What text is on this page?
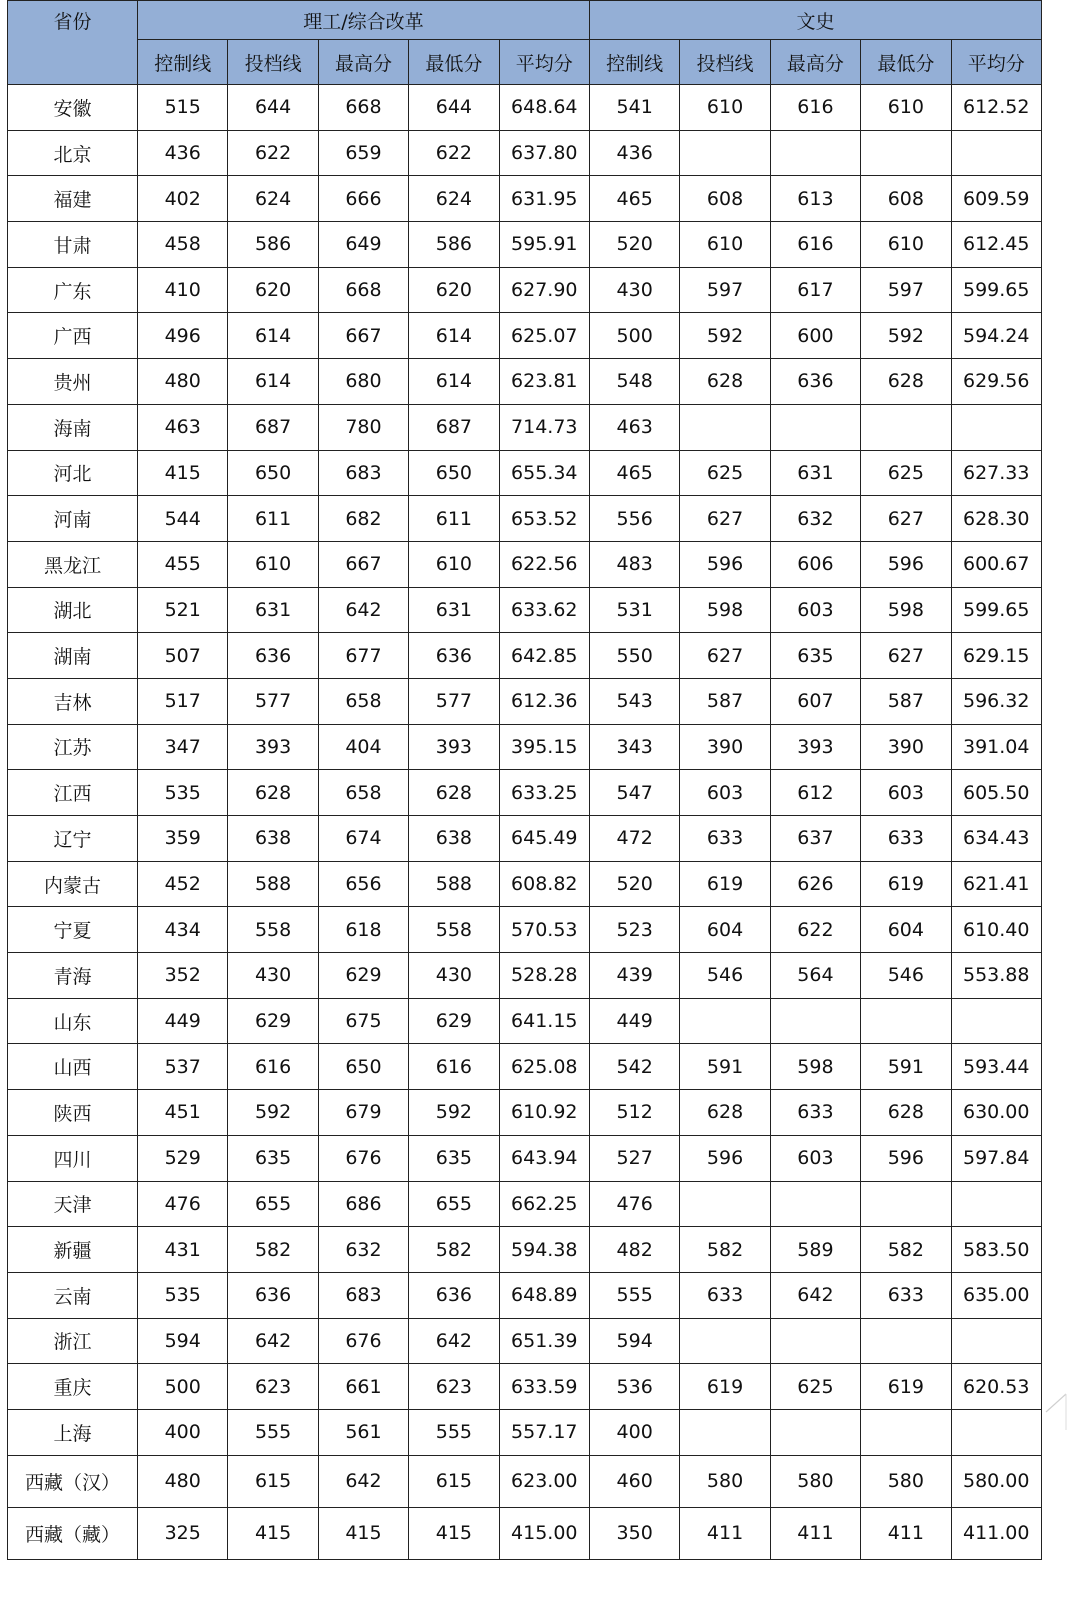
省份	理工/综合改革					文史				
	控制线	投档线	最高分	最低分	平均分	控制线	投档线	最高分	最低分	平均分
安徽	515	644	668	644	648.64	541	610	616	610	612.52
北京	436	622	659	622	637.80	436				
福建	402	624	666	624	631.95	465	608	613	608	609.59
甘肃	458	586	649	586	595.91	520	610	616	610	612.45
广东	410	620	668	620	627.90	430	597	617	597	599.65
广西	496	614	667	614	625.07	500	592	600	592	594.24
贵州	480	614	680	614	623.81	548	628	636	628	629.56
海南	463	687	780	687	714.73	463				
河北	415	650	683	650	655.34	465	625	631	625	627.33
河南	544	611	682	611	653.52	556	627	632	627	628.30
黑龙江	455	610	667	610	622.56	483	596	606	596	600.67
湖北	521	631	642	631	633.62	531	598	603	598	599.65
湖南	507	636	677	636	642.85	550	627	635	627	629.15
吉林	517	577	658	577	612.36	543	587	607	587	596.32
江苏	347	393	404	393	395.15	343	390	393	390	391.04
江西	535	628	658	628	633.25	547	603	612	603	605.50
辽宁	359	638	674	638	645.49	472	633	637	633	634.43
内蒙古	452	588	656	588	608.82	520	619	626	619	621.41
宁夏	434	558	618	558	570.53	523	604	622	604	610.40
青海	352	430	629	430	528.28	439	546	564	546	553.88
山东	449	629	675	629	641.15	449				
山西	537	616	650	616	625.08	542	591	598	591	593.44
陕西	451	592	679	592	610.92	512	628	633	628	630.00
四川	529	635	676	635	643.94	527	596	603	596	597.84
天津	476	655	686	655	662.25	476				
新疆	431	582	632	582	594.38	482	582	589	582	583.50
云南	535	636	683	636	648.89	555	633	642	633	635.00
浙江	594	642	676	642	651.39	594				
重庆	500	623	661	623	633.59	536	619	625	619	620.53
上海	400	555	561	555	557.17	400				
西藏（汉）	480	615	642	615	623.00	460	580	580	580	580.00
西藏（藏）	325	415	415	415	415.00	350	411	411	411	411.00
